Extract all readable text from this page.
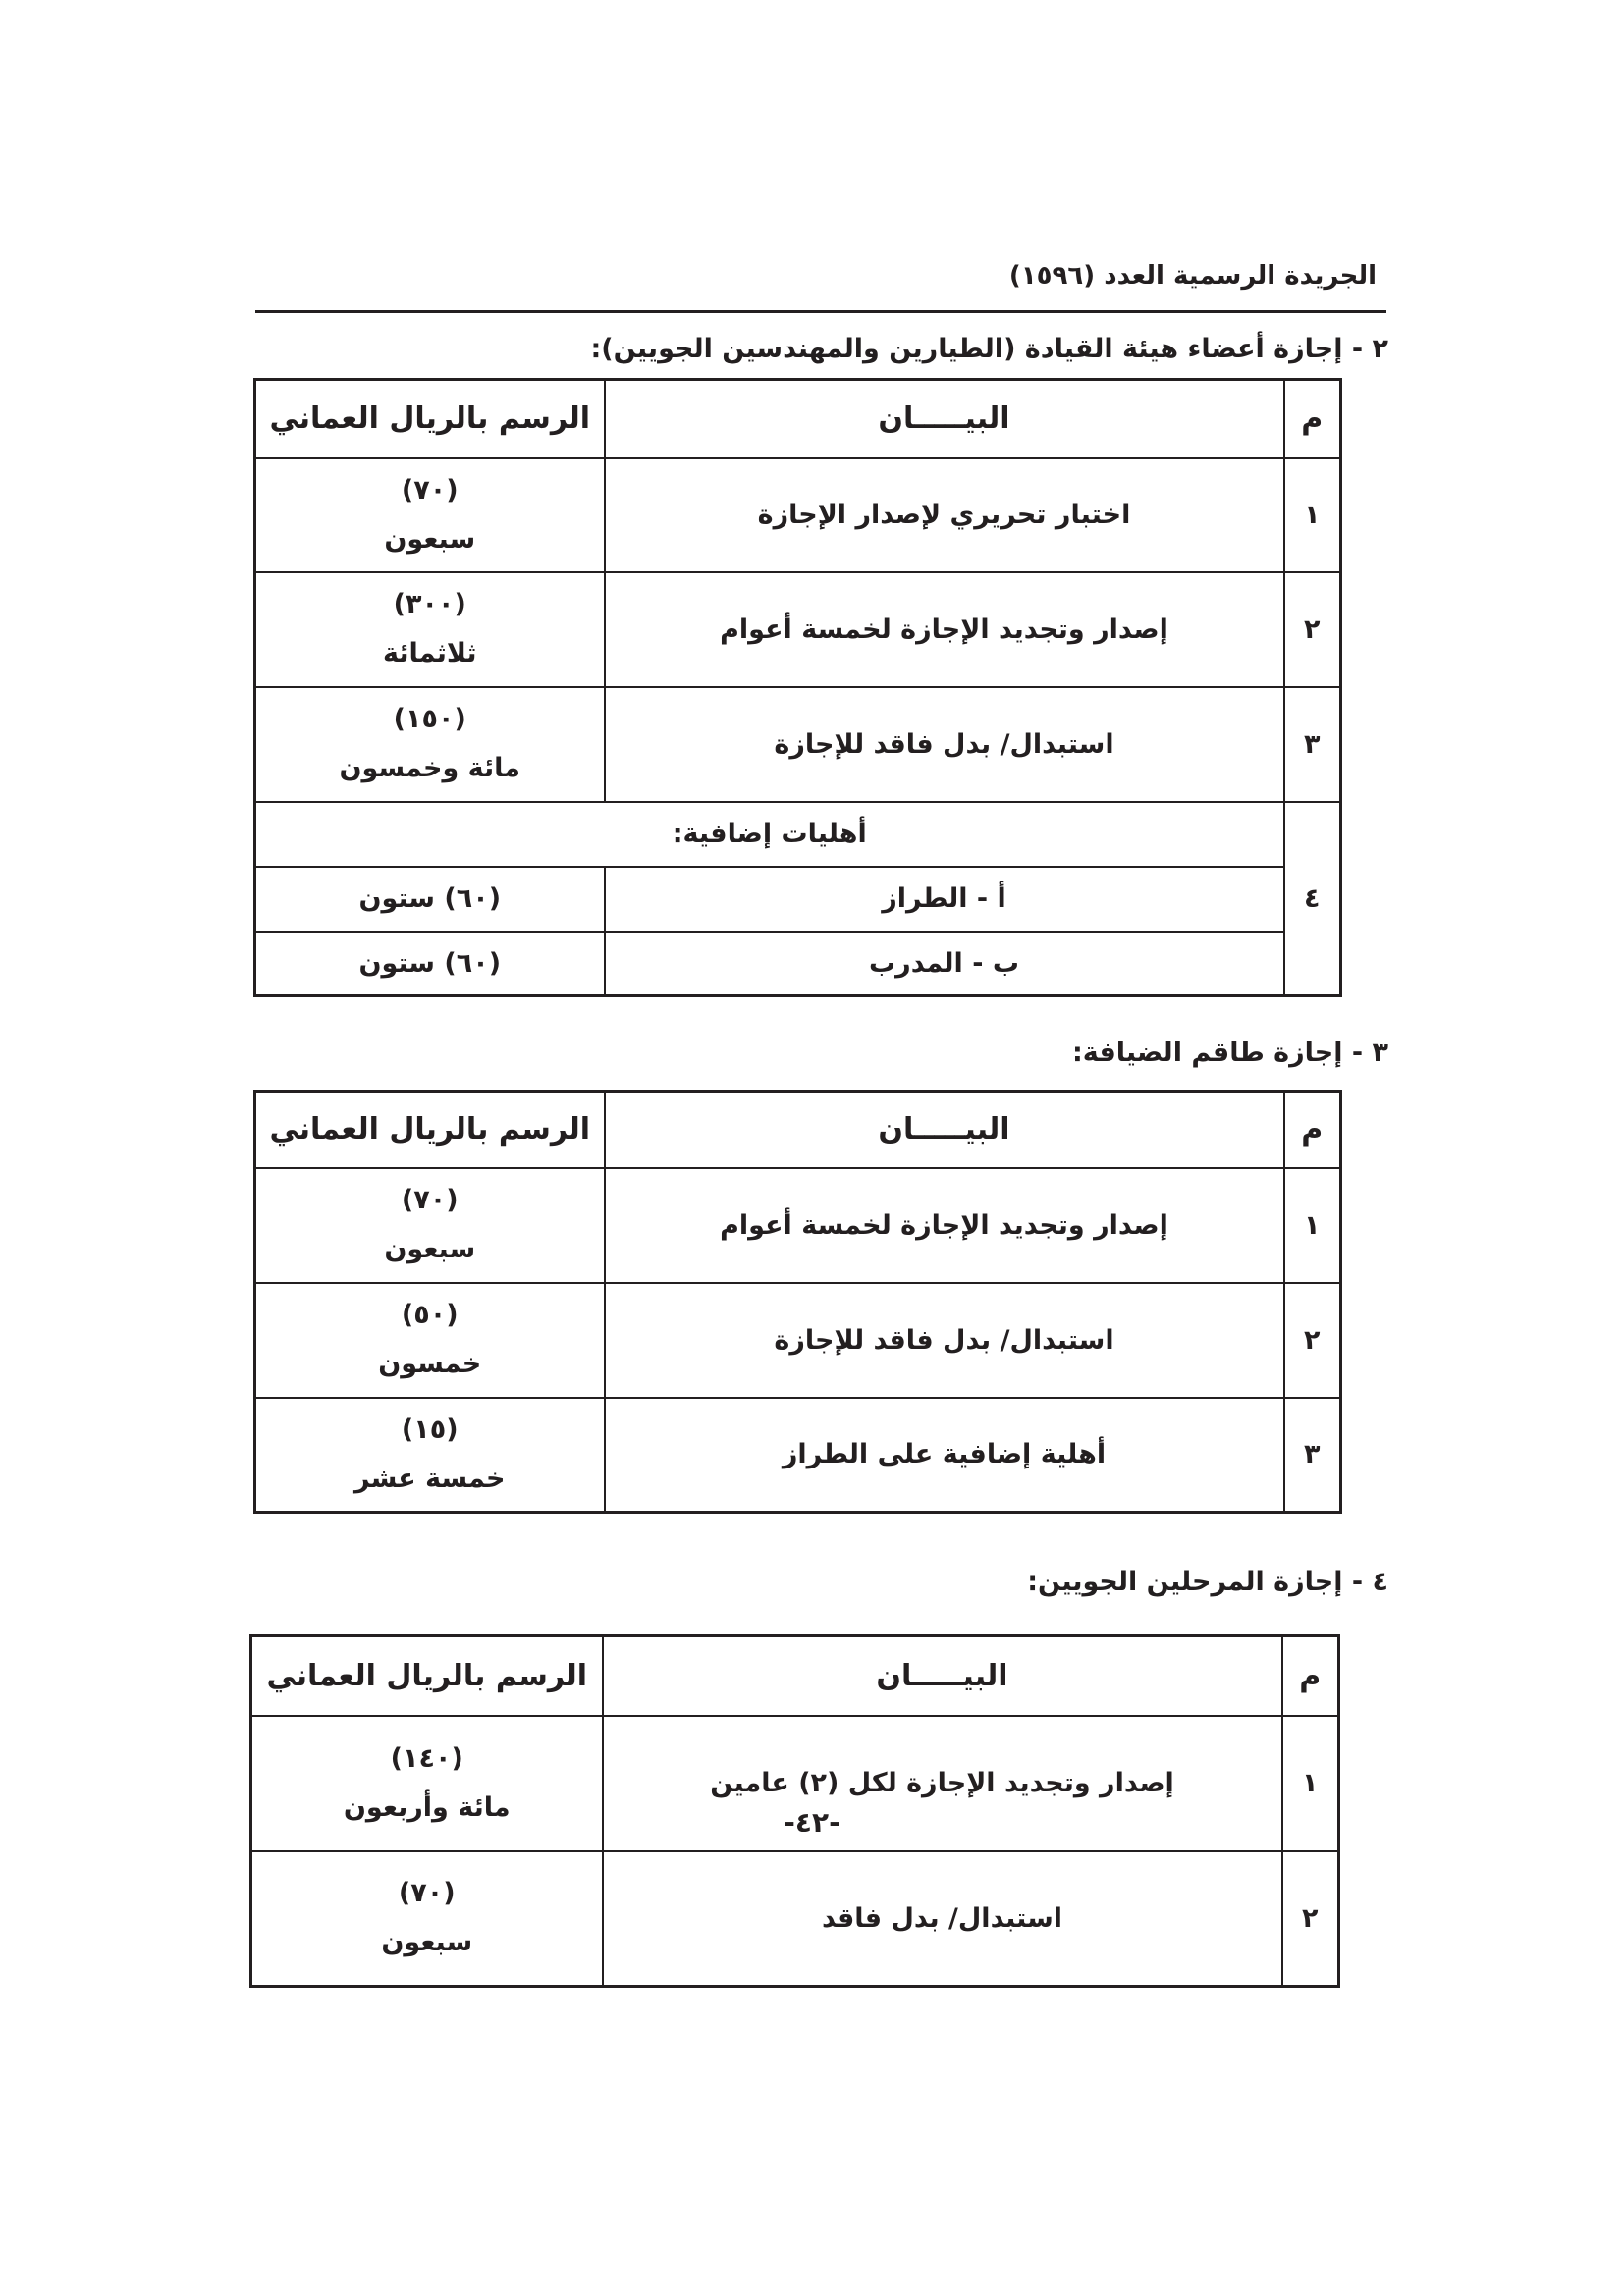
الجريدة الرسمية العدد (١٥٩٦)
٢ - إجازة أعضاء هيئة القيادة (الطيارين والمهندسين الجويين):
م	البيـــــان	الرسم بالريال العماني
١	اختبار تحريري لإصدار الإجازة	(٧٠)
سبعون

٢	إصدار وتجديد الإجازة لخمسة أعوام	(٣٠٠)
ثلاثمائة

٣	استبدال/ بدل فاقد للإجازة	(١٥٠)
مائة وخمسون

٤	أهليات إضافية:	
	أ - الطراز	(٦٠) ستون
	ب - المدرب	(٦٠) ستون
٣ - إجازة طاقم الضيافة:
م	البيـــــان	الرسم بالريال العماني
١	إصدار وتجديد الإجازة لخمسة أعوام	(٧٠)
سبعون

٢	استبدال/ بدل فاقد للإجازة	(٥٠)
خمسون

٣	أهلية إضافية على الطراز	(١٥)
خمسة عشر
٤ - إجازة المرحلين الجويين:
م	البيـــــان	الرسم بالريال العماني
١	إصدار وتجديد الإجازة لكل (٢) عامين	(١٤٠)
مائة وأربعون

٢	استبدال/ بدل فاقد	(٧٠)
سبعون
-٤٢-
